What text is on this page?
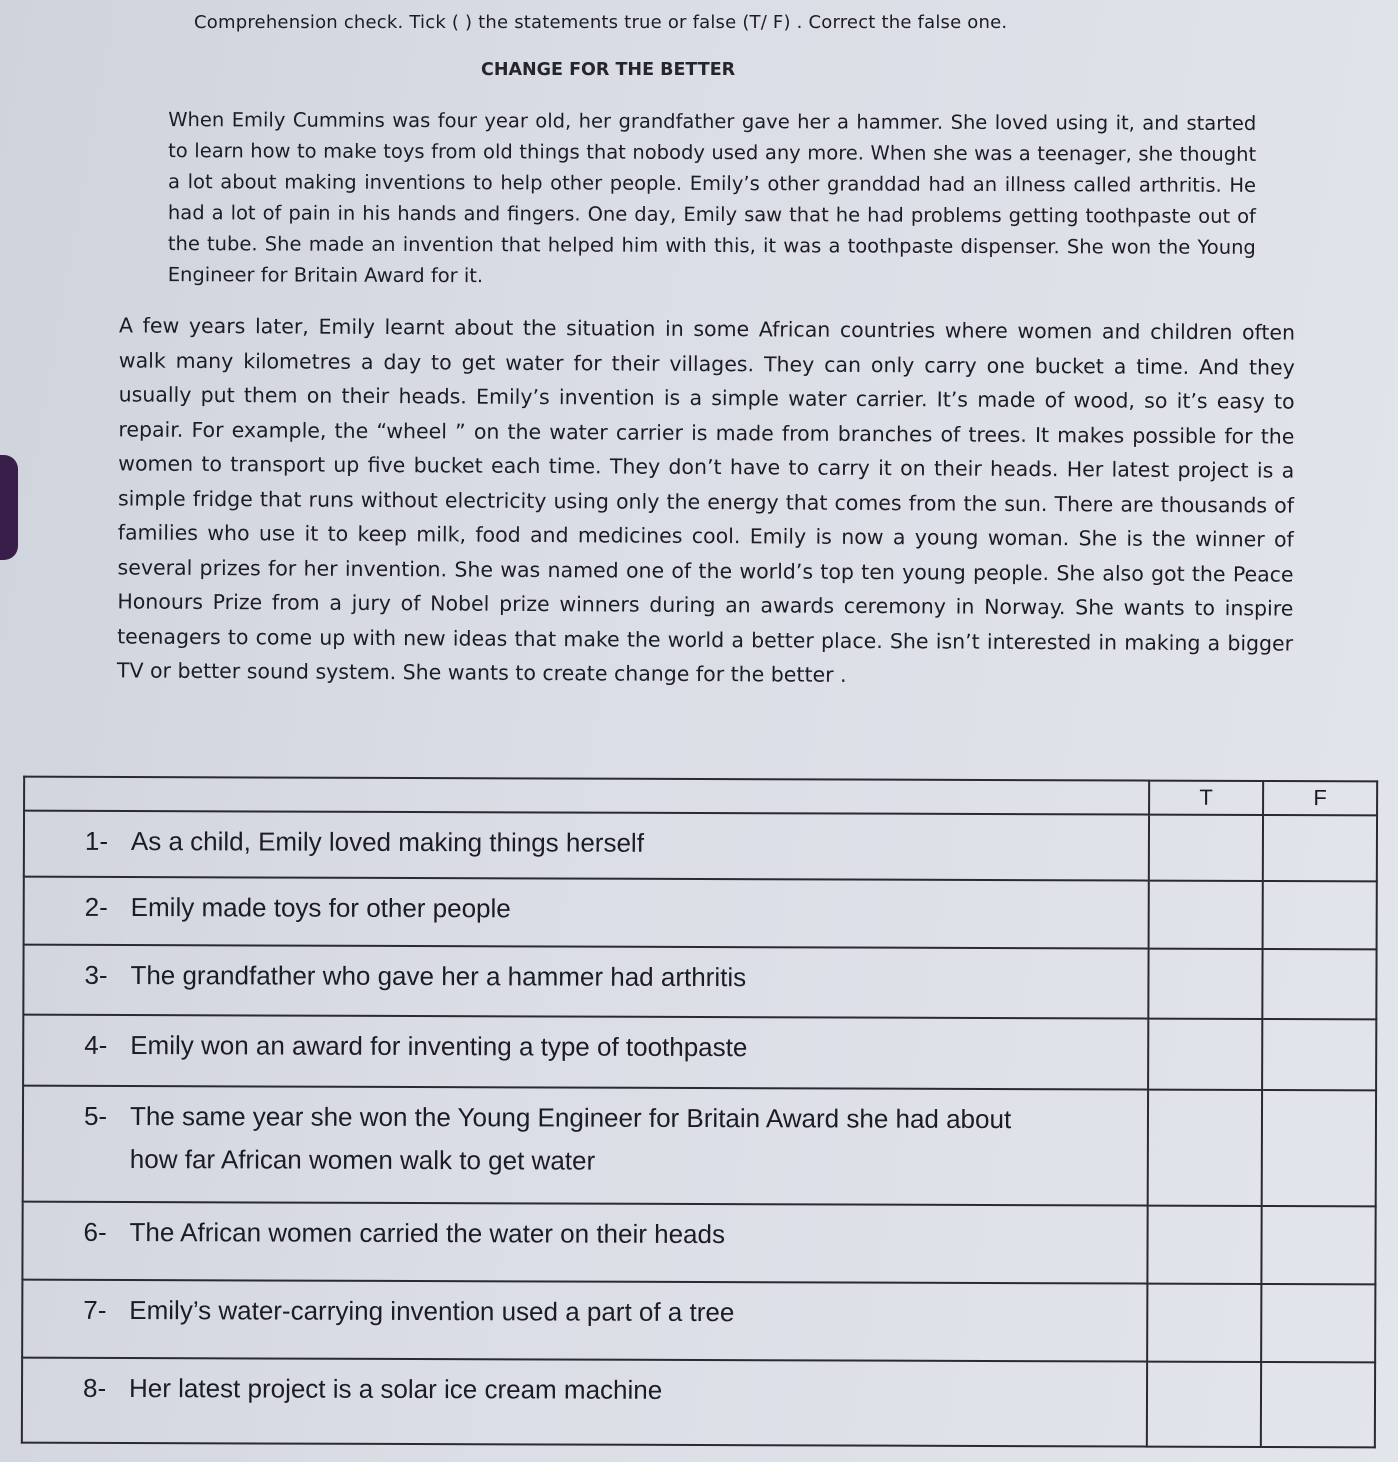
Comprehension check. Tick ( ) the statements true or false (T/ F) . Correct the false one.
CHANGE FOR THE BETTER
When Emily Cummins was four year old, her grandfather gave her a hammer. She loved using it, and started to learn how to make toys from old things that nobody used any more. When she was a teenager, she thought a lot about making inventions to help other people. Emily’s other granddad had an illness called arthritis. He had a lot of pain in his hands and fingers. One day, Emily saw that he had problems getting toothpaste out of the tube. She made an invention that helped him with this, it was a toothpaste dispenser. She won the Young Engineer for Britain Award for it.
A few years later, Emily learnt about the situation in some African countries where women and children often walk many kilometres a day to get water for their villages. They can only carry one bucket a time. And they usually put them on their heads. Emily’s invention is a simple water carrier. It’s made of wood, so it’s easy to repair. For example, the “wheel ” on the water carrier is made from branches of trees. It makes possible for the women to transport up five bucket each time. They don’t have to carry it on their heads. Her latest project is a simple fridge that runs without electricity using only the energy that comes from the sun. There are thousands of families who use it to keep milk, food and medicines cool. Emily is now a young woman. She is the winner of several prizes for her invention. She was named one of the world’s top ten young people. She also got the Peace Honours Prize from a jury of Nobel prize winners during an awards ceremony in Norway. She wants to inspire teenagers to come up with new ideas that make the world a better place. She isn’t interested in making a bigger TV or better sound system. She wants to create change for the better .
	T	F
1- As a child, Emily loved making things herself		
2- Emily made toys for other people		
3- The grandfather who gave her a hammer had arthritis		
4- Emily won an award for inventing a type of toothpaste		
5- The same year she won the Young Engineer for Britain Award she had about
how far African women walk to get water		

6- The African women carried the water on their heads		
7- Emily’s water-carrying invention used a part of a tree		
8- Her latest project is a solar ice cream machine		
